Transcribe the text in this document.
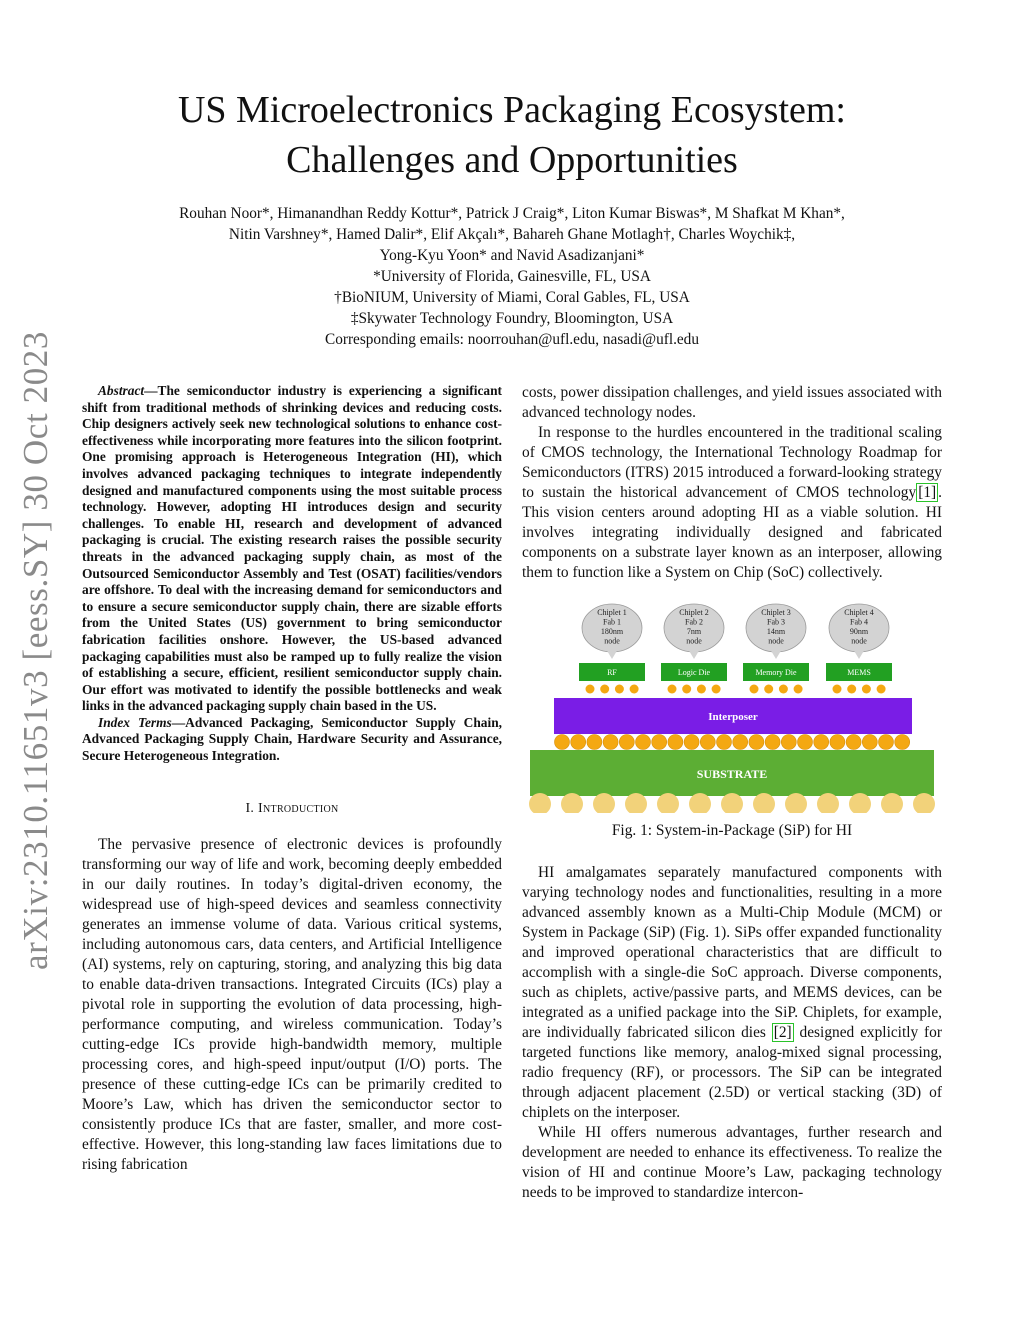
arXiv:2310.11651v3 [eess.SY] 30 Oct 2023
US Microelectronics Packaging Ecosystem:
Challenges and Opportunities
Rouhan Noor*, Himanandhan Reddy Kottur*, Patrick J Craig*, Liton Kumar Biswas*, M Shafkat M Khan*,
Nitin Varshney*, Hamed Dalir*, Elif Akçalı*, Bahareh Ghane Motlagh†, Charles Woychik‡,
Yong-Kyu Yoon* and Navid Asadizanjani*
*University of Florida, Gainesville, FL, USA
†BioNIUM, University of Miami, Coral Gables, FL, USA
‡Skywater Technology Foundry, Bloomington, USA
Corresponding emails: noorrouhan@ufl.edu, nasadi@ufl.edu

Abstract—The semiconductor industry is experiencing a significant shift from traditional methods of shrinking devices and reducing costs. Chip designers actively seek new technological solutions to enhance cost-effectiveness while incorporating more features into the silicon footprint. One promising approach is Heterogeneous Integration (HI), which involves advanced packaging techniques to integrate independently designed and manufactured components using the most suitable process technology. However, adopting HI introduces design and security challenges. To enable HI, research and development of advanced packaging is crucial. The existing research raises the possible security threats in the advanced packaging supply chain, as most of the Outsourced Semiconductor Assembly and Test (OSAT) facilities/vendors are offshore. To deal with the increasing demand for semiconductors and to ensure a secure semiconductor supply chain, there are sizable efforts from the United States (US) government to bring semiconductor fabrication facilities onshore. However, the US-based advanced packaging capabilities must also be ramped up to fully realize the vision of establishing a secure, efficient, resilient semiconductor supply chain. Our effort was motivated to identify the possible bottlenecks and weak links in the advanced packaging supply chain based in the US.

Index Terms—Advanced Packaging, Semiconductor Supply Chain, Advanced Packaging Supply Chain, Hardware Security and Assurance, Secure Heterogeneous Integration.

I. Introduction

The pervasive presence of electronic devices is profoundly transforming our way of life and work, becoming deeply embedded in our daily routines. In today’s digital-driven economy, the widespread use of high-speed devices and seamless connectivity generates an immense volume of data. Various critical systems, including autonomous cars, data centers, and Artificial Intelligence (AI) systems, rely on capturing, storing, and analyzing this big data to enable data-driven transactions. Integrated Circuits (ICs) play a pivotal role in supporting the evolution of data processing, high-performance computing, and wireless communication. Today’s cutting-edge ICs provide high-bandwidth memory, multiple processing cores, and high-speed input/output (I/O) ports. The presence of these cutting-edge ICs can be primarily credited to Moore’s Law, which has driven the semiconductor sector to consistently produce ICs that are faster, smaller, and more cost-effective. However, this long-standing law faces limitations due to rising fabrication

costs, power dissipation challenges, and yield issues associated with advanced technology nodes.

In response to the hurdles encountered in the traditional scaling of CMOS technology, the International Technology Roadmap for Semiconductors (ITRS) 2015 introduced a forward-looking strategy to sustain the historical advancement of CMOS technology [1] . This vision centers around adopting HI as a viable solution. HI involves integrating individually designed and fabricated components on a substrate layer known as an interposer, allowing them to function like a System on Chip (SoC) collectively.

Chiplet 1
Fab 1
180nm
node
Chiplet 2
Fab 2
7nm
node
Chiplet 3
Fab 3
14nm
node
Chiplet 4
Fab 4
90nm
node
RF	Logic Die	Memory Die	MEMS
Interposer
SUBSTRATE
Fig. 1: System-in-Package (SiP) for HI

HI amalgamates separately manufactured components with varying technology nodes and functionalities, resulting in a more advanced assembly known as a Multi-Chip Module (MCM) or System in Package (SiP) (Fig. 1). SiPs offer expanded functionality and improved operational characteristics that are difficult to accomplish with a single-die SoC approach. Diverse components, such as chiplets, active/passive parts, and MEMS devices, can be integrated as a unified package into the SiP. Chiplets, for example, are individually fabricated silicon dies [2] designed explicitly for targeted functions like memory, analog-mixed signal processing, radio frequency (RF), or processors. The SiP can be integrated through adjacent placement (2.5D) or vertical stacking (3D) of chiplets on the interposer.

While HI offers numerous advantages, further research and development are needed to enhance its effectiveness. To realize the vision of HI and continue Moore’s Law, packaging technology needs to be improved to standardize intercon-
